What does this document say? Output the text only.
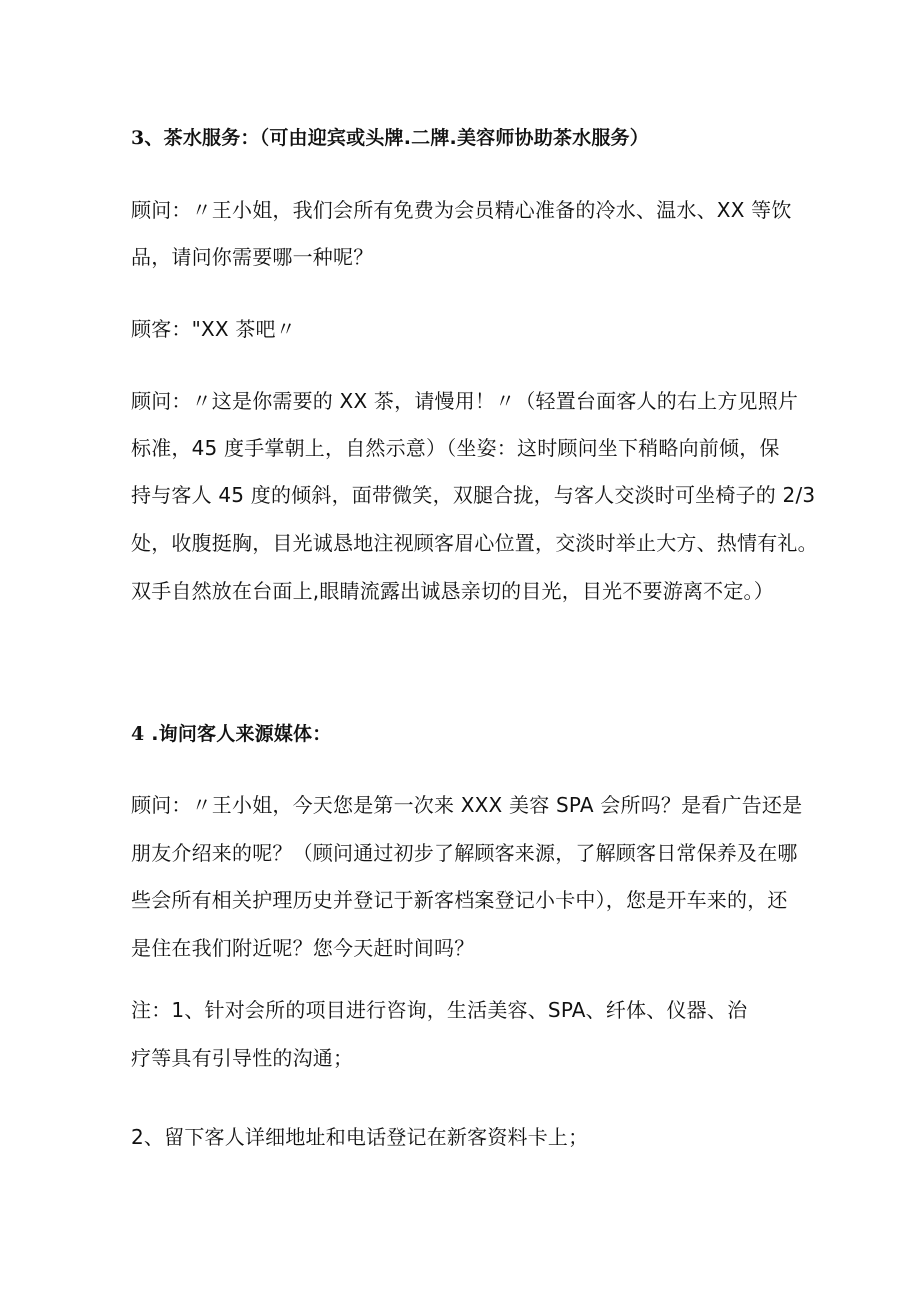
3、茶水服务：（可由迎宾或头牌.二牌.美容师协助茶水服务）
顾问：〃王小姐，我们会所有免费为会员精心准备的冷水、温水、XX 等饮
品，请问你需要哪一种呢？
顾客："XX 茶吧〃
顾问：〃这是你需要的 XX 茶，请慢用！〃（轻置台面客人的右上方见照片
标准，45 度手掌朝上，自然示意）（坐姿：这时顾问坐下稍略向前倾，保
持与客人 45 度的倾斜，面带微笑，双腿合拢，与客人交淡时可坐椅子的 2/3
处，收腹挺胸，目光诚恳地注视顾客眉心位置，交淡时举止大方、热情有礼。
双手自然放在台面上,眼睛流露出诚恳亲切的目光，目光不要游离不定。）
4 .询问客人来源媒体：
顾问：〃王小姐，今天您是第一次来 XXX 美容 SPA 会所吗？是看广告还是
朋友介绍来的呢？（顾问通过初步了解顾客来源，了解顾客日常保养及在哪
些会所有相关护理历史并登记于新客档案登记小卡中），您是开车来的，还
是住在我们附近呢？您今天赶时间吗？
注：1、针对会所的项目进行咨询，生活美容、SPA、纤体、仪器、治
疗等具有引导性的沟通；
2、留下客人详细地址和电话登记在新客资料卡上；
